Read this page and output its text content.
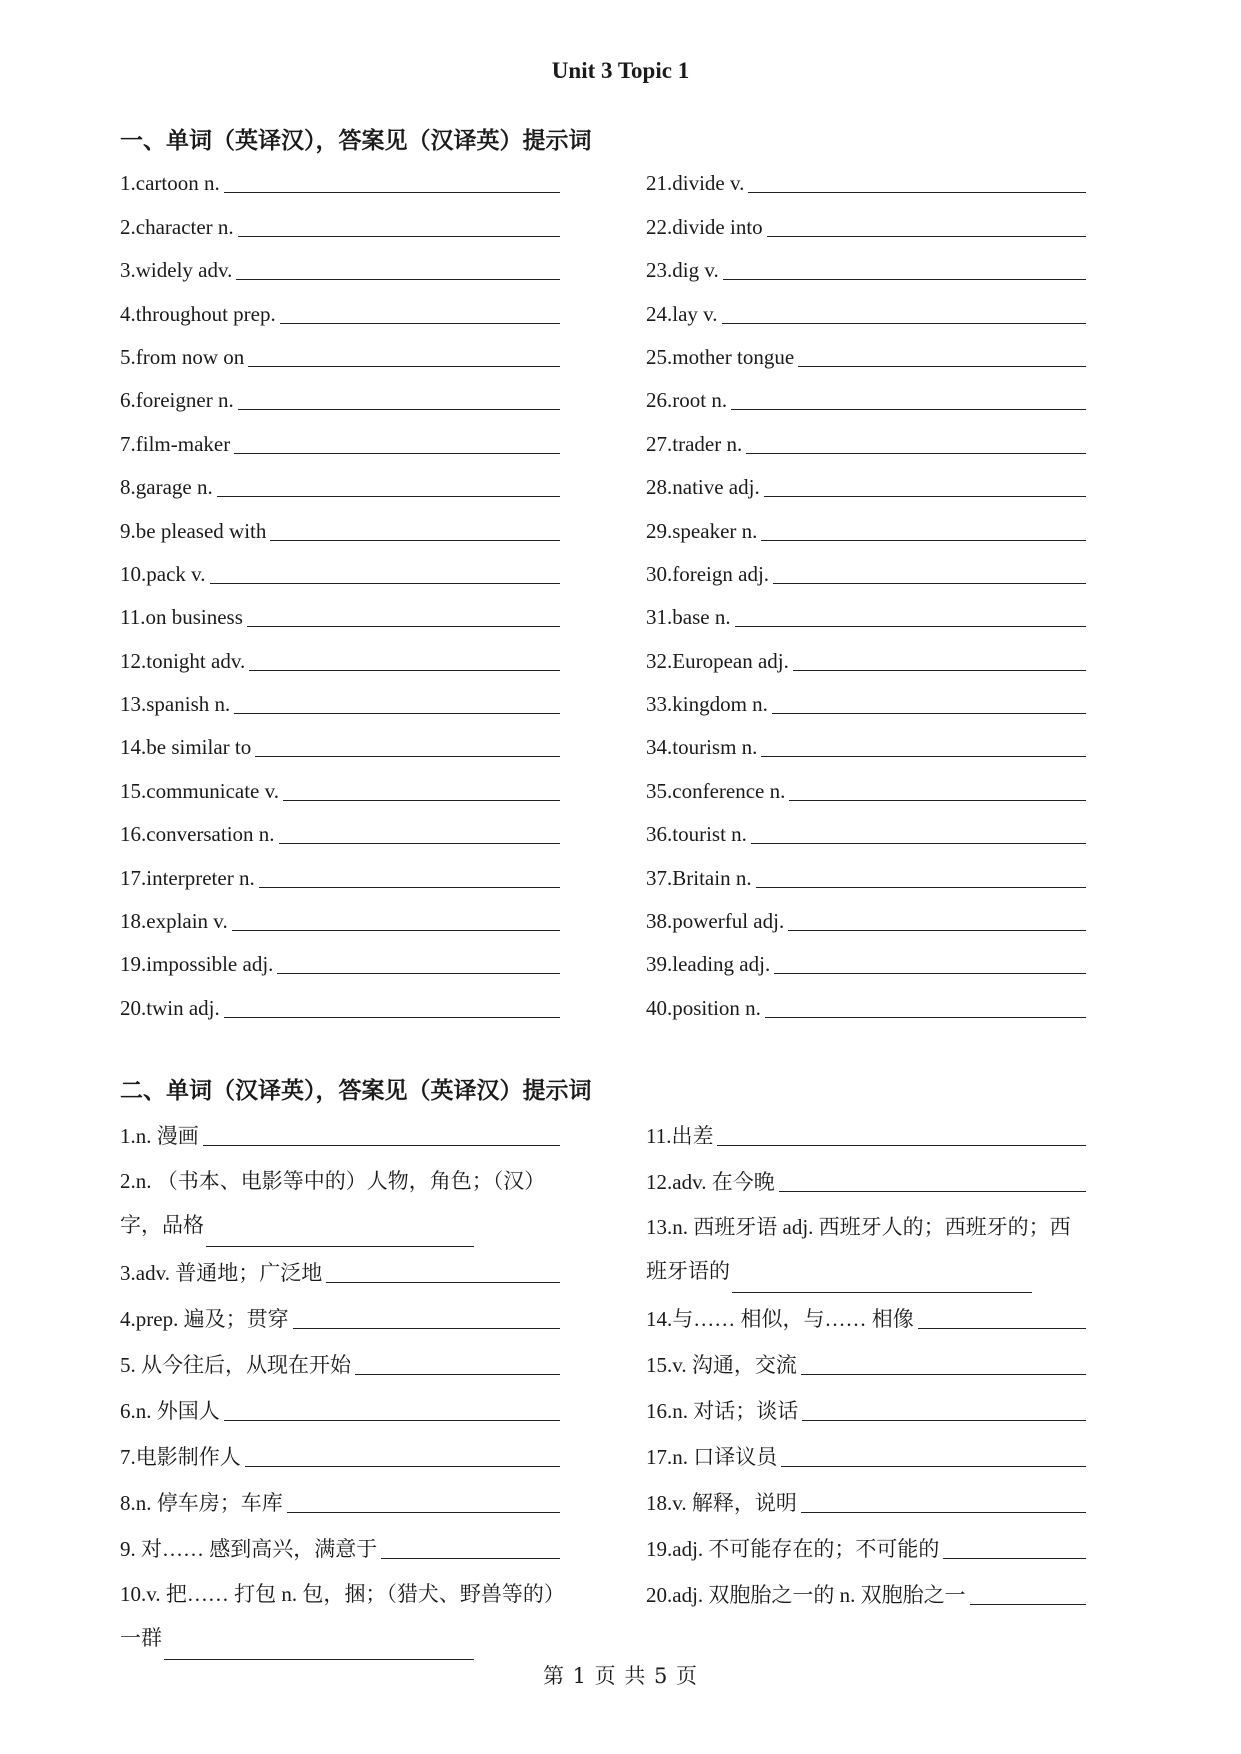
Unit 3 Topic 1
一、单词（英译汉），答案见（汉译英）提示词
1.cartoon n.
2.character n.
3.widely adv.
4.throughout prep.
5.from now on
6.foreigner n.
7.film-maker
8.garage n.
9.be pleased with
10.pack v.
11.on business
12.tonight adv.
13.spanish n.
14.be similar to
15.communicate v.
16.conversation n.
17.interpreter n.
18.explain v.
19.impossible adj.
20.twin adj.
21.divide v.
22.divide into
23.dig v.
24.lay v.
25.mother tongue
26.root n.
27.trader n.
28.native adj.
29.speaker n.
30.foreign adj.
31.base n.
32.European adj.
33.kingdom n.
34.tourism n.
35.conference n.
36.tourist n.
37.Britain n.
38.powerful adj.
39.leading adj.
40.position n.
二、单词（汉译英），答案见（英译汉）提示词
1.n. 漫画
2.n. （书本、电影等中的）人物，角色；（汉）字，品格
3.adv. 普通地；广泛地
4.prep. 遍及；贯穿
5. 从今往后，从现在开始
6.n. 外国人
7.电影制作人
8.n. 停车房；车库
9. 对…… 感到高兴，满意于
10.v. 把…… 打包 n. 包，捆；（猎犬、野兽等的）一群
11.出差
12.adv. 在今晚
13.n. 西班牙语 adj. 西班牙人的；西班牙的；西班牙语的
14.与…… 相似，与…… 相像
15.v. 沟通，交流
16.n. 对话；谈话
17.n. 口译议员
18.v. 解释，说明
19.adj. 不可能存在的；不可能的
20.adj. 双胞胎之一的 n. 双胞胎之一
第 1 页 共 5 页
